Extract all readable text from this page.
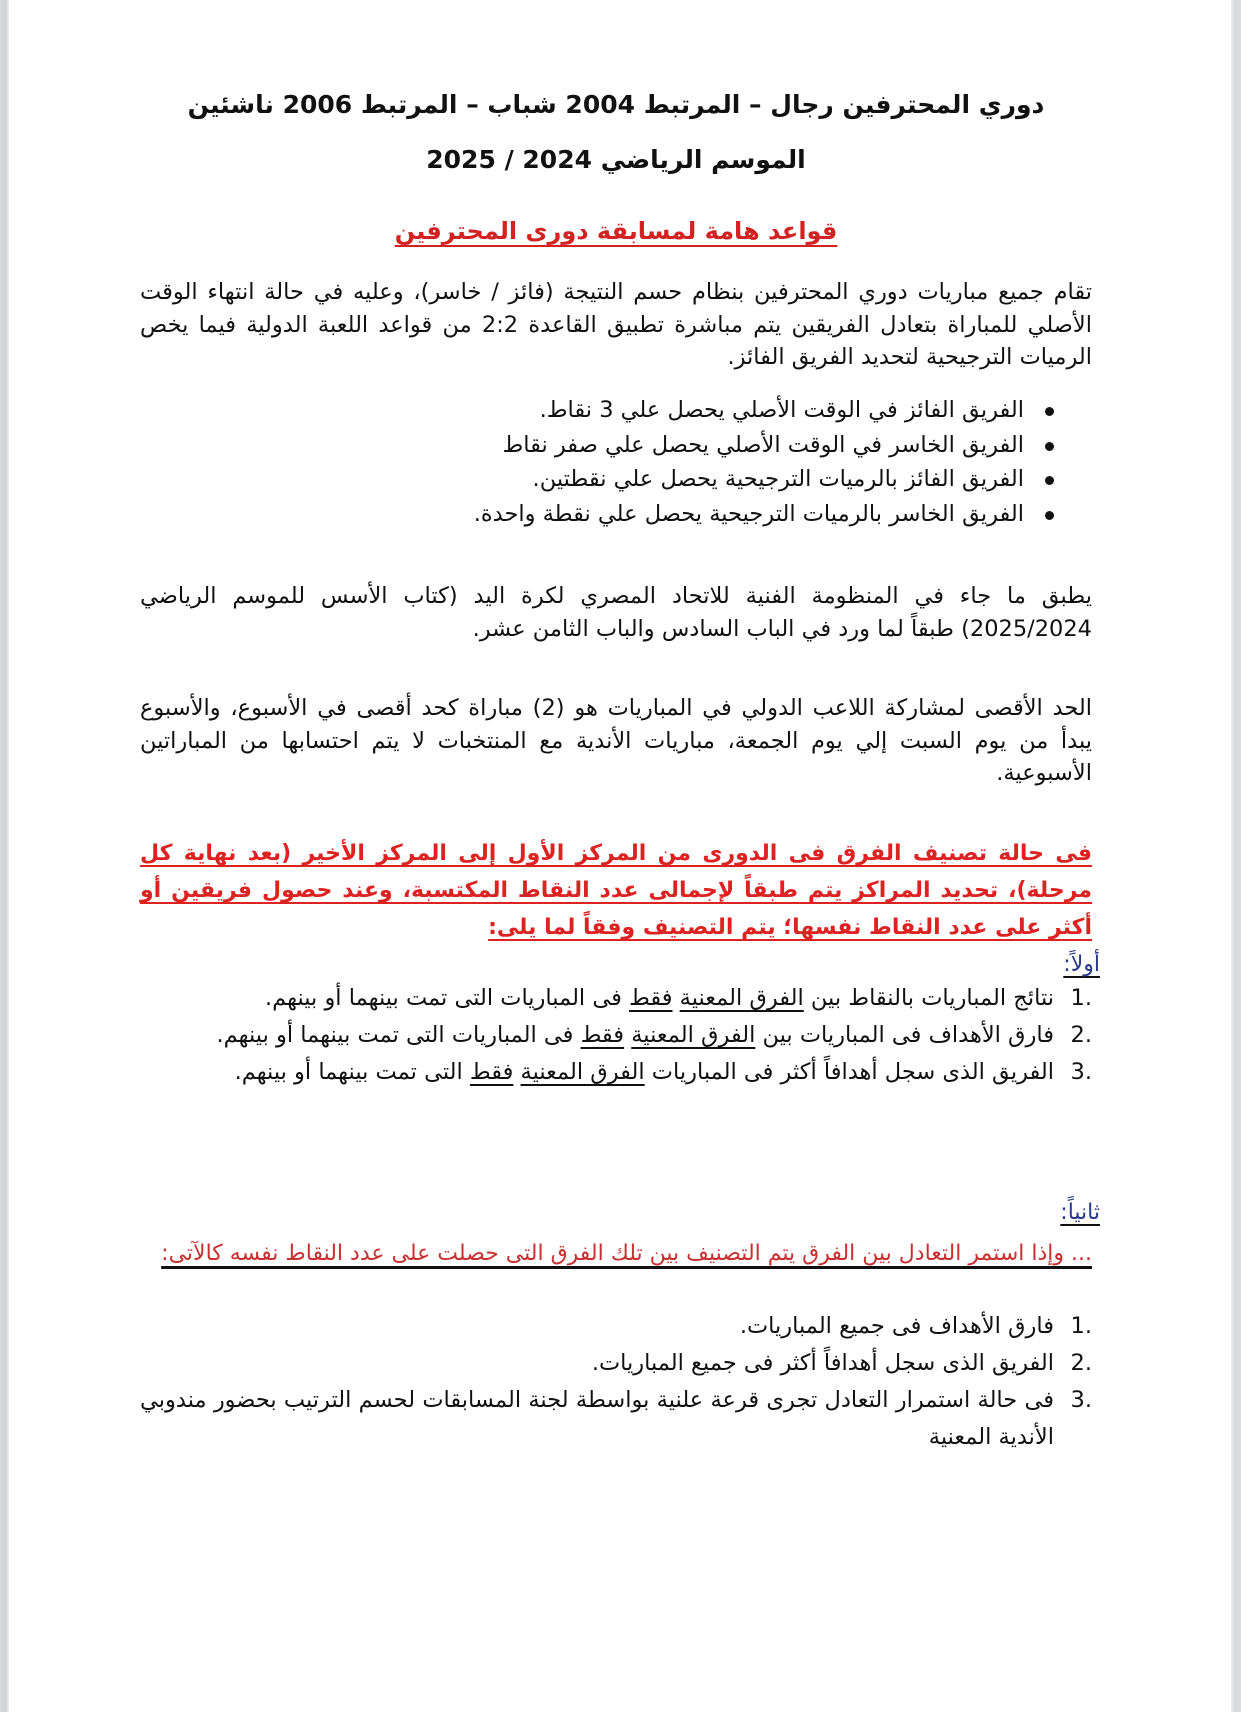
دوري المحترفين رجال – المرتبط 2004 شباب – المرتبط 2006 ناشئين
الموسم الرياضي 2024 / 2025
قواعد هامة لمسابقة دورى المحترفين
تقام جميع مباريات دوري المحترفين بنظام حسم النتيجة (فائز / خاسر)، وعليه في حالة انتهاء الوقت الأصلي للمباراة بتعادل الفريقين يتم مباشرة تطبيق القاعدة 2:2 من قواعد اللعبة الدولية فيما يخص الرميات الترجيحية لتحديد الفريق الفائز.
الفريق الفائز في الوقت الأصلي يحصل علي 3 نقاط.
الفريق الخاسر في الوقت الأصلي يحصل علي صفر نقاط
الفريق الفائز بالرميات الترجيحية يحصل علي نقطتين.
الفريق الخاسر بالرميات الترجيحية يحصل علي نقطة واحدة.
يطبق ما جاء في المنظومة الفنية للاتحاد المصري لكرة اليد (كتاب الأسس للموسم الرياضي 2025/2024) طبقاً لما ورد في الباب السادس والباب الثامن عشر.
الحد الأقصى لمشاركة اللاعب الدولي في المباريات هو (2) مباراة كحد أقصى في الأسبوع، والأسبوع يبدأ من يوم السبت إلي يوم الجمعة، مباريات الأندية مع المنتخبات لا يتم احتسابها من المباراتين الأسبوعية.
فى حالة تصنيف الفرق فى الدورى من المركز الأول إلى المركز الأخير (بعد نهاية كل مرحلة)، تحديد المراكز يتم طبقاً لإجمالى عدد النقاط المكتسبة، وعند حصول فريقين أو أكثر على عدد النقاط نفسها؛ يتم التصنيف وفقاً لما يلى:
أولاً:
1.
نتائج المباريات بالنقاط بين الفرق المعنية فقط فى المباريات التى تمت بينهما أو بينهم.
2.
فارق الأهداف فى المباريات بين الفرق المعنية فقط فى المباريات التى تمت بينهما أو بينهم.
3.
الفريق الذى سجل أهدافاً أكثر فى المباريات الفرق المعنية فقط التى تمت بينهما أو بينهم.
ثانياً:
... وإذا استمر التعادل بين الفرق يتم التصنيف بين تلك الفرق التى حصلت على عدد النقاط نفسه كالآتى:
1.
فارق الأهداف فى جميع المباريات.
2.
الفريق الذى سجل أهدافاً أكثر فى جميع المباريات.
3.
فى حالة استمرار التعادل تجرى قرعة علنية بواسطة لجنة المسابقات لحسم الترتيب بحضور مندوبي الأندية المعنية
